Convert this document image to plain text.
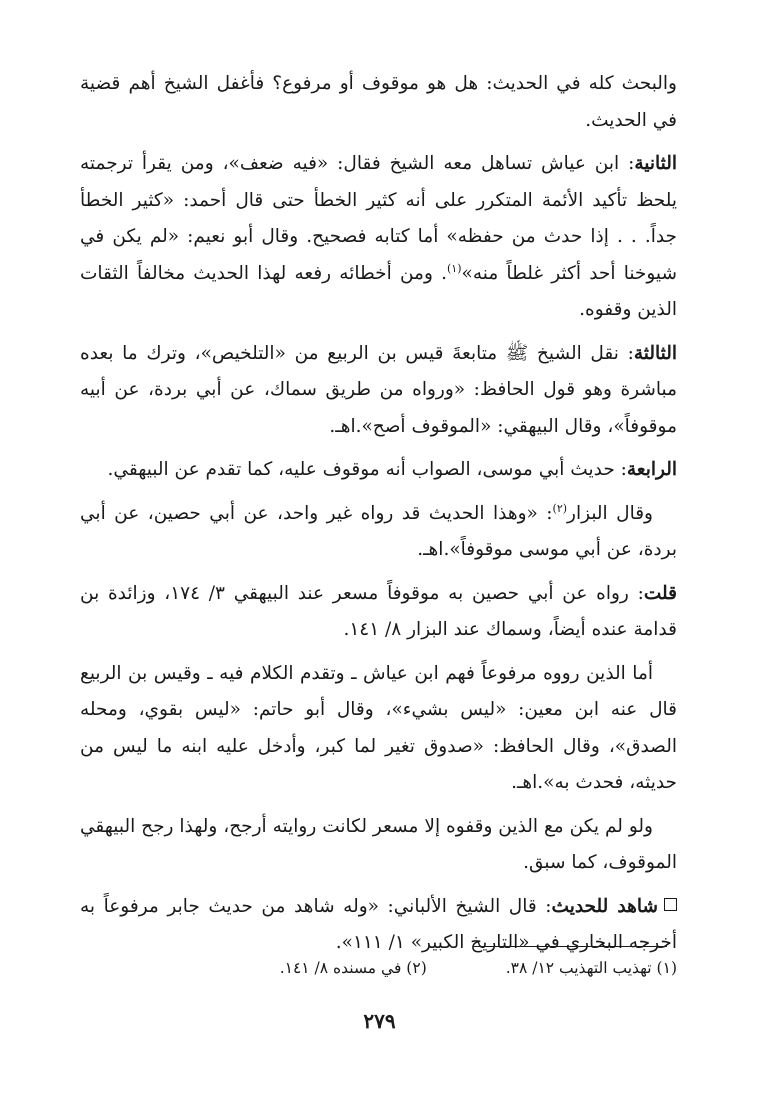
والبحث كله في الحديث: هل هو موقوف أو مرفوع؟ فأغفل الشيخ أهم قضية في الحديث.

الثانية: ابن عياش تساهل معه الشيخ فقال: «فيه ضعف»، ومن يقرأ ترجمته يلحظ تأكيد الأئمة المتكرر على أنه كثير الخطأ حتى قال أحمد: «كثير الخطأ جداً. . . إذا حدث من حفظه» أما كتابه فصحيح. وقال أبو نعيم: «لم يكن في شيوخنا أحد أكثر غلطاً منه»$^{(١)}$. ومن أخطائه رفعه لهذا الحديث مخالفاً الثقات الذين وقفوه.

الثالثة: نقل الشيخ ﷺ متابعةَ قيس بن الربيع من «التلخيص»، وترك ما بعده مباشرة وهو قول الحافظ: «ورواه من طريق سماك، عن أبي بردة، عن أبيه موقوفاً»، وقال البيهقي: «الموقوف أصح».اهـ.

الرابعة: حديث أبي موسى، الصواب أنه موقوف عليه، كما تقدم عن البيهقي.

وقال البزار$^{(٢)}$: «وهذا الحديث قد رواه غير واحد، عن أبي حصين، عن أبي بردة، عن أبي موسى موقوفاً».اهـ.

قلت: رواه عن أبي حصين به موقوفاً مسعر عند البيهقي ٣/ ١٧٤، وزائدة بن قدامة عنده أيضاً، وسماك عند البزار ٨/ ١٤١.

أما الذين رووه مرفوعاً فهم ابن عياش ـ وتقدم الكلام فيه ـ وقيس بن الربيع قال عنه ابن معين: «ليس بشيء»، وقال أبو حاتم: «ليس بقوي، ومحله الصدق»، وقال الحافظ: «صدوق تغير لما كبر، وأدخل عليه ابنه ما ليس من حديثه، فحدث به».اهـ.

ولو لم يكن مع الذين وقفوه إلا مسعر لكانت روايته أرجح، ولهذا رجح البيهقي الموقوف، كما سبق.

شاهد للحديث: قال الشيخ الألباني: «وله شاهد من حديث جابر مرفوعاً به أخرجه البخاري في «التاريخ الكبير» ١/ ١١١».

(١) تهذيب التهذيب ١٢/ ٣٨. (٢) في مسنده ٨/ ١٤١.
٢٧٩
